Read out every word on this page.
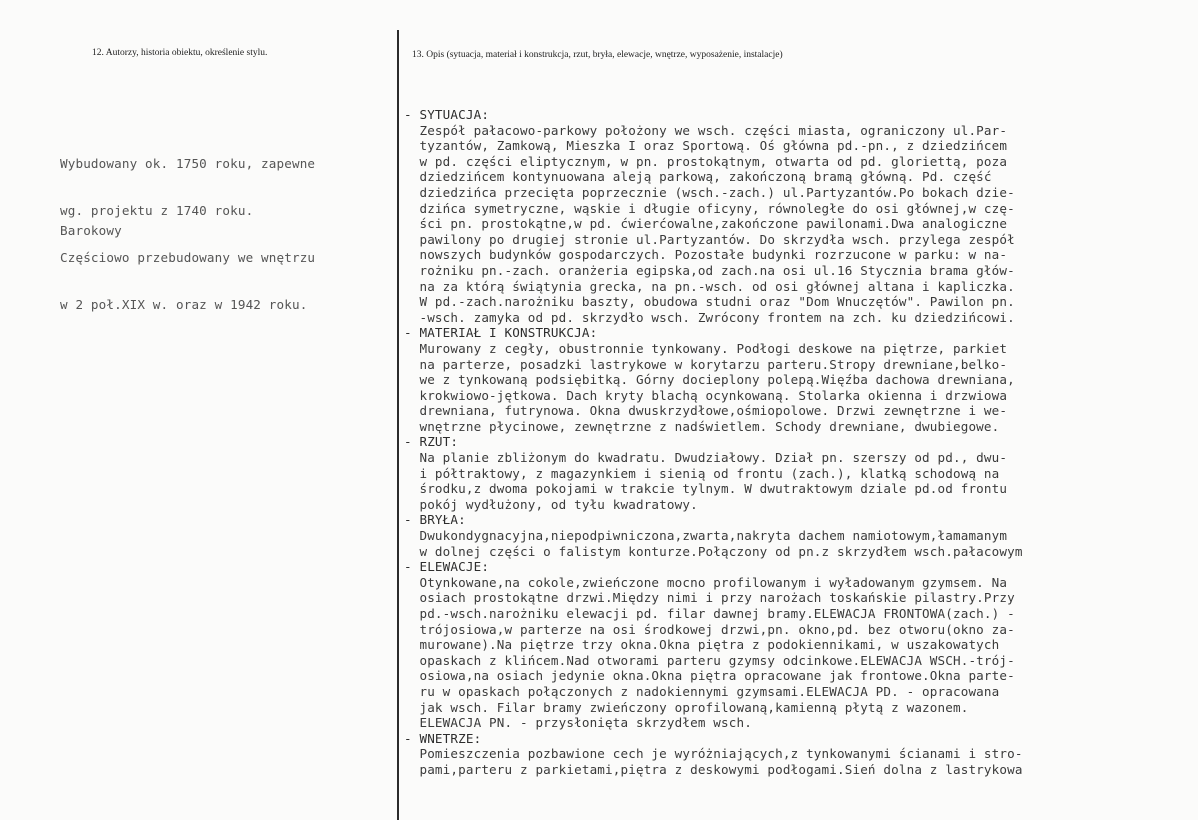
12. Autorzy, historia obiektu, określenie stylu.	13. Opis (sytuacja, materiał i konstrukcja, rzut, bryła, elewacje, wnętrze, wyposażenie, instalacje)

Wybudowany ok. 1750 roku, zapewne

wg. projektu z 1740 roku.

Częściowo przebudowany we wnętrzu

w 2 poł.XIX w. oraz w 1942 roku.

Barokowy
- SYTUACJA:
Zespół pałacowo-parkowy położony we wsch. części miasta, ograniczony ul.Par-
tyzantów, Zamkową, Mieszka I oraz Sportową. Oś główna pd.-pn., z dziedzińcem
w pd. części eliptycznym, w pn. prostokątnym, otwarta od pd. gloriettą, poza
dziedzińcem kontynuowana aleją parkową, zakończoną bramą główną. Pd. część
dziedzińca przecięta poprzecznie (wsch.-zach.) ul.Partyzantów.Po bokach dzie-
dzińca symetryczne, wąskie i długie oficyny, równoległe do osi głównej,w czę-
ści pn. prostokątne,w pd. ćwierćowalne,zakończone pawilonami.Dwa analogiczne
pawilony po drugiej stronie ul.Partyzantów. Do skrzydła wsch. przylega zespół
nowszych budynków gospodarczych. Pozostałe budynki rozrzucone w parku: w na-
rożniku pn.-zach. oranżeria egipska,od zach.na osi ul.16 Stycznia brama głów-
na za którą świątynia grecka, na pn.-wsch. od osi głównej altana i kapliczka.
W pd.-zach.narożniku baszty, obudowa studni oraz "Dom Wnuczętów". Pawilon pn.
-wsch. zamyka od pd. skrzydło wsch. Zwrócony frontem na zch. ku dziedzińcowi.
- MATERIAŁ I KONSTRUKCJA:
Murowany z cegły, obustronnie tynkowany. Podłogi deskowe na piętrze, parkiet
na parterze, posadzki lastrykowe w korytarzu parteru.Stropy drewniane,belko-
we z tynkowaną podsiębitką. Górny docieplony polepą.Więźba dachowa drewniana,
krokwiowo-jętkowa. Dach kryty blachą ocynkowaną. Stolarka okienna i drzwiowa
drewniana, futrynowa. Okna dwuskrzydłowe,ośmiopolowe. Drzwi zewnętrzne i we-
wnętrzne płycinowe, zewnętrzne z nadświetlem. Schody drewniane, dwubiegowe.
- RZUT:
Na planie zbliżonym do kwadratu. Dwudziałowy. Dział pn. szerszy od pd., dwu-
i półtraktowy, z magazynkiem i sienią od frontu (zach.), klatką schodową na
środku,z dwoma pokojami w trakcie tylnym. W dwutraktowym dziale pd.od frontu
pokój wydłużony, od tyłu kwadratowy.
- BRYŁA:
Dwukondygnacyjna,niepodpiwniczona,zwarta,nakryta dachem namiotowym,łamamanym
w dolnej części o falistym konturze.Połączony od pn.z skrzydłem wsch.pałacowym
- ELEWACJE:
Otynkowane,na cokole,zwieńczone mocno profilowanym i wyładowanym gzymsem. Na
osiach prostokątne drzwi.Między nimi i przy narożach toskańskie pilastry.Przy
pd.-wsch.narożniku elewacji pd. filar dawnej bramy.ELEWACJA FRONTOWA(zach.) -
trójosiowa,w parterze na osi środkowej drzwi,pn. okno,pd. bez otworu(okno za-
murowane).Na piętrze trzy okna.Okna piętra z podokiennikami, w uszakowatych
opaskach z klińcem.Nad otworami parteru gzymsy odcinkowe.ELEWACJA WSCH.-trój-
osiowa,na osiach jedynie okna.Okna piętra opracowane jak frontowe.Okna parte-
ru w opaskach połączonych z nadokiennymi gzymsami.ELEWACJA PD. - opracowana
jak wsch. Filar bramy zwieńczony oprofilowaną,kamienną płytą z wazonem.
ELEWACJA PN. - przysłonięta skrzydłem wsch.
- WNETRZE:
Pomieszczenia pozbawione cech je wyróżniających,z tynkowanymi ścianami i stro-
pami,parteru z parkietami,piętra z deskowymi podłogami.Sień dolna z lastrykowa
